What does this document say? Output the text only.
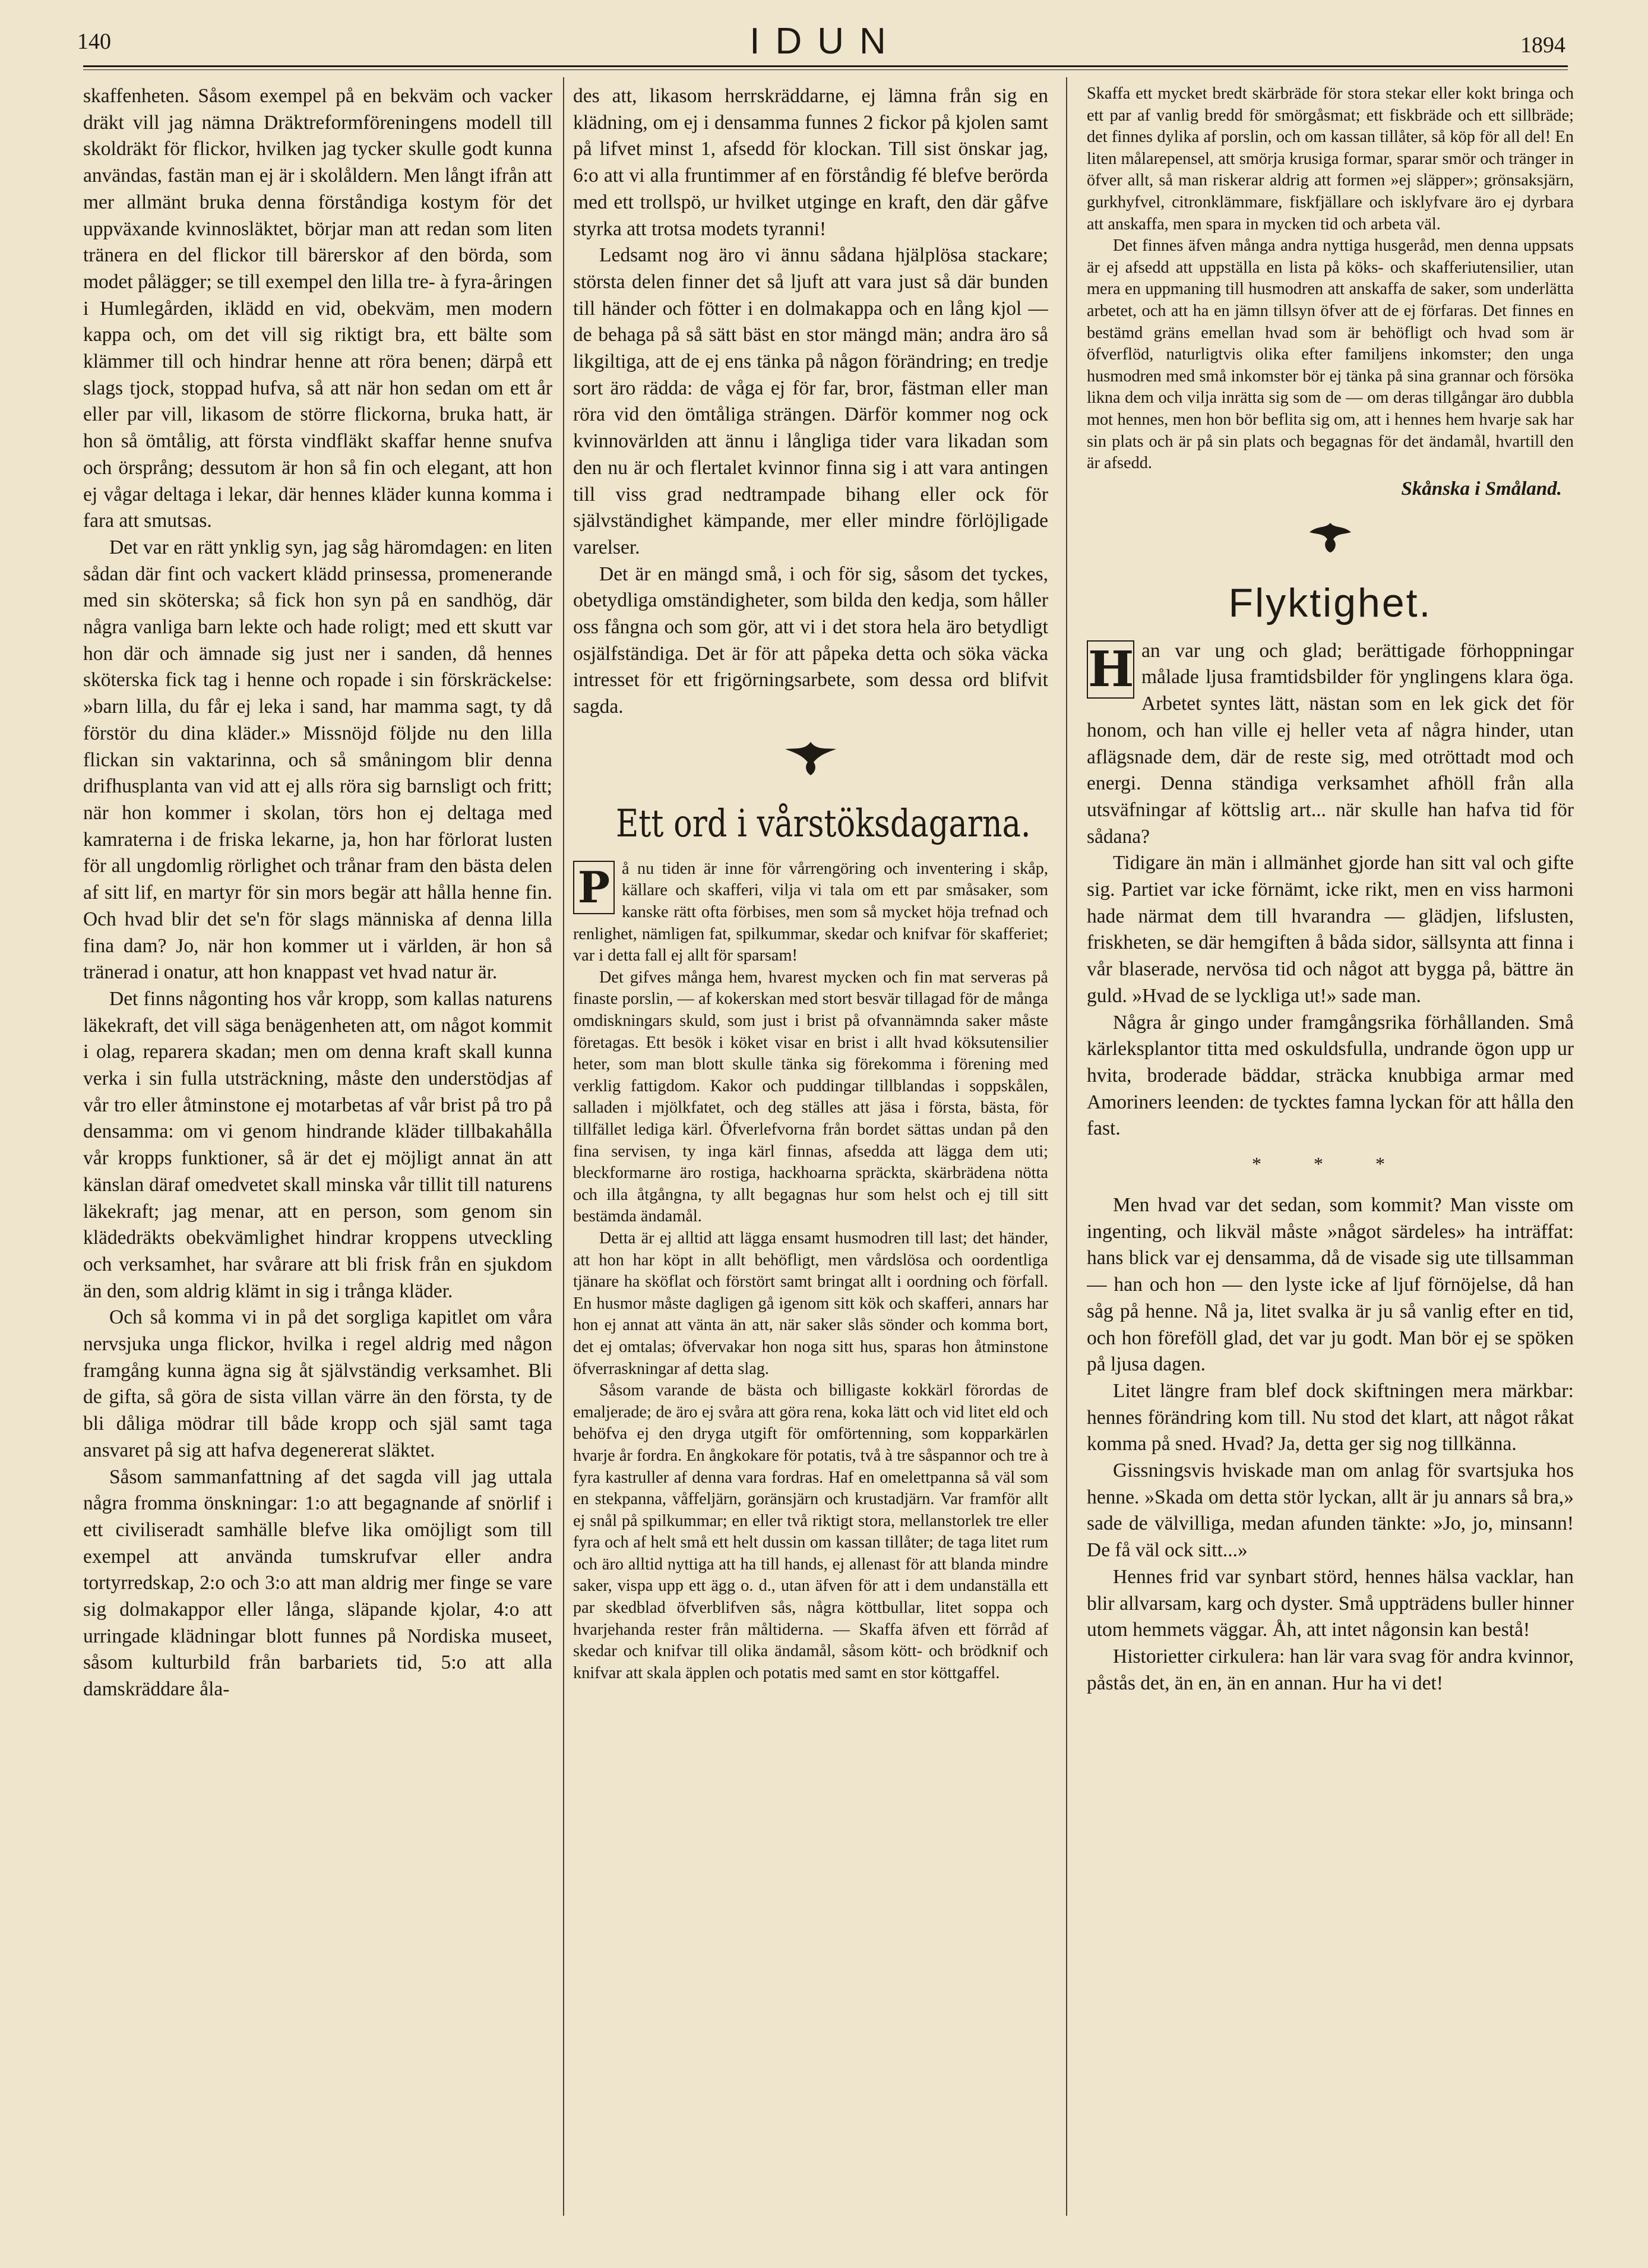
140	IDUN	1894

skaffenheten. Såsom exempel på en bekväm och vacker dräkt vill jag nämna Dräktreformföreningens modell till skoldräkt för flickor, hvilken jag tycker skulle godt kunna användas, fastän man ej är i skolåldern. Men långt ifrån att mer allmänt bruka denna förståndiga kostym för det uppväxande kvinnosläktet, börjar man att redan som liten tränera en del flickor till bärerskor af den börda, som modet pålägger; se till exempel den lilla tre- à fyra-åringen i Humlegården, iklädd en vid, obekväm, men modern kappa och, om det vill sig riktigt bra, ett bälte som klämmer till och hindrar henne att röra benen; därpå ett slags tjock, stoppad hufva, så att när hon sedan om ett år eller par vill, likasom de större flickorna, bruka hatt, är hon så ömtålig, att första vindfläkt skaffar henne snufva och örsprång; dessutom är hon så fin och elegant, att hon ej vågar deltaga i lekar, där hennes kläder kunna komma i fara att smutsas.

Det var en rätt ynklig syn, jag såg häromdagen: en liten sådan där fint och vackert klädd prinsessa, promenerande med sin sköterska; så fick hon syn på en sandhög, där några vanliga barn lekte och hade roligt; med ett skutt var hon där och ämnade sig just ner i sanden, då hennes sköterska fick tag i henne och ropade i sin förskräckelse: »barn lilla, du får ej leka i sand, har mamma sagt, ty då förstör du dina kläder.» Missnöjd följde nu den lilla flickan sin vaktarinna, och så småningom blir denna drifhusplanta van vid att ej alls röra sig barnsligt och fritt; när hon kommer i skolan, törs hon ej deltaga med kamraterna i de friska lekarne, ja, hon har förlorat lusten för all ungdomlig rörlighet och trånar fram den bästa delen af sitt lif, en martyr för sin mors begär att hålla henne fin. Och hvad blir det se'n för slags människa af denna lilla fina dam? Jo, när hon kommer ut i världen, är hon så tränerad i onatur, att hon knappast vet hvad natur är.

Det finns någonting hos vår kropp, som kallas naturens läkekraft, det vill säga benägenheten att, om något kommit i olag, reparera skadan; men om denna kraft skall kunna verka i sin fulla utsträckning, måste den understödjas af vår tro eller åtminstone ej motarbetas af vår brist på tro på densamma: om vi genom hindrande kläder tillbakahålla vår kropps funktioner, så är det ej möjligt annat än att känslan däraf omedvetet skall minska vår tillit till naturens läkekraft; jag menar, att en person, som genom sin klädedräkts obekvämlighet hindrar kroppens utveckling och verksamhet, har svårare att bli frisk från en sjukdom än den, som aldrig klämt in sig i trånga kläder.

Och så komma vi in på det sorgliga kapitlet om våra nervsjuka unga flickor, hvilka i regel aldrig med någon framgång kunna ägna sig åt självständig verksamhet. Bli de gifta, så göra de sista villan värre än den första, ty de bli dåliga mödrar till både kropp och själ samt taga ansvaret på sig att hafva degenererat släktet.

Såsom sammanfattning af det sagda vill jag uttala några fromma önskningar: 1:o att begagnande af snörlif i ett civiliseradt samhälle blefve lika omöjligt som till exempel att använda tumskrufvar eller andra tortyrredskap, 2:o och 3:o att man aldrig mer finge se vare sig dolmakappor eller långa, släpande kjolar, 4:o att urringade klädningar blott funnes på Nordiska museet, såsom kulturbild från barbariets tid, 5:o att alla damskräddare åla-

des att, likasom herrskräddarne, ej lämna från sig en klädning, om ej i densamma funnes 2 fickor på kjolen samt på lifvet minst 1, afsedd för klockan. Till sist önskar jag, 6:o att vi alla fruntimmer af en förståndig fé blefve berörda med ett trollspö, ur hvilket utginge en kraft, den där gåfve styrka att trotsa modets tyranni!

Ledsamt nog äro vi ännu sådana hjälplösa stackare; största delen finner det så ljuft att vara just så där bunden till händer och fötter i en dolmakappa och en lång kjol — de behaga på så sätt bäst en stor mängd män; andra äro så likgiltiga, att de ej ens tänka på någon förändring; en tredje sort äro rädda: de våga ej för far, bror, fästman eller man röra vid den ömtåliga strängen. Därför kommer nog ock kvinnovärlden att ännu i långliga tider vara likadan som den nu är och flertalet kvinnor finna sig i att vara antingen till viss grad nedtrampade bihang eller ock för självständighet kämpande, mer eller mindre förlöjligade varelser.

Det är en mängd små, i och för sig, såsom det tyckes, obetydliga omständigheter, som bilda den kedja, som håller oss fångna och som gör, att vi i det stora hela äro betydligt osjälfständiga. Det är för att påpeka detta och söka väcka intresset för ett frigörningsarbete, som dessa ord blifvit sagda.

Ett ord i vårstöksdagarna.

P å nu tiden är inne för vårrengöring och inventering i skåp, källare och skafferi, vilja vi tala om ett par småsaker, som kanske rätt ofta förbises, men som så mycket höja trefnad och renlighet, nämligen fat, spilkummar, skedar och knifvar för skafferiet; var i detta fall ej allt för sparsam!

Det gifves många hem, hvarest mycken och fin mat serveras på finaste porslin, — af kokerskan med stort besvär tillagad för de många omdiskningars skuld, som just i brist på ofvannämnda saker måste företagas. Ett besök i köket visar en brist i allt hvad köksutensilier heter, som man blott skulle tänka sig förekomma i förening med verklig fattigdom. Kakor och puddingar tillblandas i soppskålen, salladen i mjölkfatet, och deg ställes att jäsa i första, bästa, för tillfället lediga kärl. Öfverlefvorna från bordet sättas undan på den fina servisen, ty inga kärl finnas, afsedda att lägga dem uti; bleckformarne äro rostiga, hackhoarna spräckta, skärbrädena nötta och illa åtgångna, ty allt begagnas hur som helst och ej till sitt bestämda ändamål.

Detta är ej alltid att lägga ensamt husmodren till last; det händer, att hon har köpt in allt behöfligt, men vårdslösa och oordentliga tjänare ha sköflat och förstört samt bringat allt i oordning och förfall. En husmor måste dagligen gå igenom sitt kök och skafferi, annars har hon ej annat att vänta än att, när saker slås sönder och komma bort, det ej omtalas; öfvervakar hon noga sitt hus, sparas hon åtminstone öfverraskningar af detta slag.

Såsom varande de bästa och billigaste kokkärl förordas de emaljerade; de äro ej svåra att göra rena, koka lätt och vid litet eld och behöfva ej den dryga utgift för omförtenning, som kopparkärlen hvarje år fordra. En ångkokare för potatis, två à tre såspannor och tre à fyra kastruller af denna vara fordras. Haf en omelettpanna så väl som en stekpanna, våffeljärn, goränsjärn och krustadjärn. Var framför allt ej snål på spilkummar; en eller två riktigt stora, mellanstorlek tre eller fyra och af helt små ett helt dussin om kassan tillåter; de taga litet rum och äro alltid nyttiga att ha till hands, ej allenast för att blanda mindre saker, vispa upp ett ägg o. d., utan äfven för att i dem undanställa ett par skedblad öfverblifven sås, några köttbullar, litet soppa och hvarjehanda rester från måltiderna. — Skaffa äfven ett förråd af skedar och knifvar till olika ändamål, såsom kött- och brödknif och knifvar att skala äpplen och potatis med samt en stor köttgaffel.

Skaffa ett mycket bredt skärbräde för stora stekar eller kokt bringa och ett par af vanlig bredd för smörgåsmat; ett fiskbräde och ett sillbräde; det finnes dylika af porslin, och om kassan tillåter, så köp för all del! En liten målarepensel, att smörja krusiga formar, sparar smör och tränger in öfver allt, så man riskerar aldrig att formen »ej släpper»; grönsaksjärn, gurkhyfvel, citronklämmare, fiskfjällare och isklyfvare äro ej dyrbara att anskaffa, men spara in mycken tid och arbeta väl.

Det finnes äfven många andra nyttiga husgeråd, men denna uppsats är ej afsedd att uppställa en lista på köks- och skafferiutensilier, utan mera en uppmaning till husmodren att anskaffa de saker, som underlätta arbetet, och att ha en jämn tillsyn öfver att de ej förfaras. Det finnes en bestämd gräns emellan hvad som är behöfligt och hvad som är öfverflöd, naturligtvis olika efter familjens inkomster; den unga husmodren med små inkomster bör ej tänka på sina grannar och försöka likna dem och vilja inrätta sig som de — om deras tillgångar äro dubbla mot hennes, men hon bör beflita sig om, att i hennes hem hvarje sak har sin plats och är på sin plats och begagnas för det ändamål, hvartill den är afsedd.

Skånska i Småland.
Flyktighet.

H an var ung och glad; berättigade förhoppningar målade ljusa framtidsbilder för ynglingens klara öga. Arbetet syntes lätt, nästan som en lek gick det för honom, och han ville ej heller veta af några hinder, utan aflägsnade dem, där de reste sig, med otröttadt mod och energi. Denna ständiga verksamhet afhöll från alla utsväfningar af köttslig art... när skulle han hafva tid för sådana?

Tidigare än män i allmänhet gjorde han sitt val och gifte sig. Partiet var icke förnämt, icke rikt, men en viss harmoni hade närmat dem till hvarandra — glädjen, lifslusten, friskheten, se där hemgiften å båda sidor, sällsynta att finna i vår blaserade, nervösa tid och något att bygga på, bättre än guld. »Hvad de se lyckliga ut!» sade man.

Några år gingo under framgångsrika förhållanden. Små kärleksplantor titta med oskuldsfulla, undrande ögon upp ur hvita, broderade bäddar, sträcka knubbiga armar med Amoriners leenden: de tycktes famna lyckan för att hålla den fast.

* * *

Men hvad var det sedan, som kommit? Man visste om ingenting, och likväl måste »något särdeles» ha inträffat: hans blick var ej densamma, då de visade sig ute tillsamman — han och hon — den lyste icke af ljuf förnöjelse, då han såg på henne. Nå ja, litet svalka är ju så vanlig efter en tid, och hon föreföll glad, det var ju godt. Man bör ej se spöken på ljusa dagen.

Litet längre fram blef dock skiftningen mera märkbar: hennes förändring kom till. Nu stod det klart, att något råkat komma på sned. Hvad? Ja, detta ger sig nog tillkänna.

Gissningsvis hviskade man om anlag för svartsjuka hos henne. »Skada om detta stör lyckan, allt är ju annars så bra,» sade de välvilliga, medan afunden tänkte: »Jo, jo, minsann! De få väl ock sitt...»

Hennes frid var synbart störd, hennes hälsa vacklar, han blir allvarsam, karg och dyster. Små uppträdens buller hinner utom hemmets väggar. Åh, att intet någonsin kan bestå!

Historietter cirkulera: han lär vara svag för andra kvinnor, påstås det, än en, än en annan. Hur ha vi det!
